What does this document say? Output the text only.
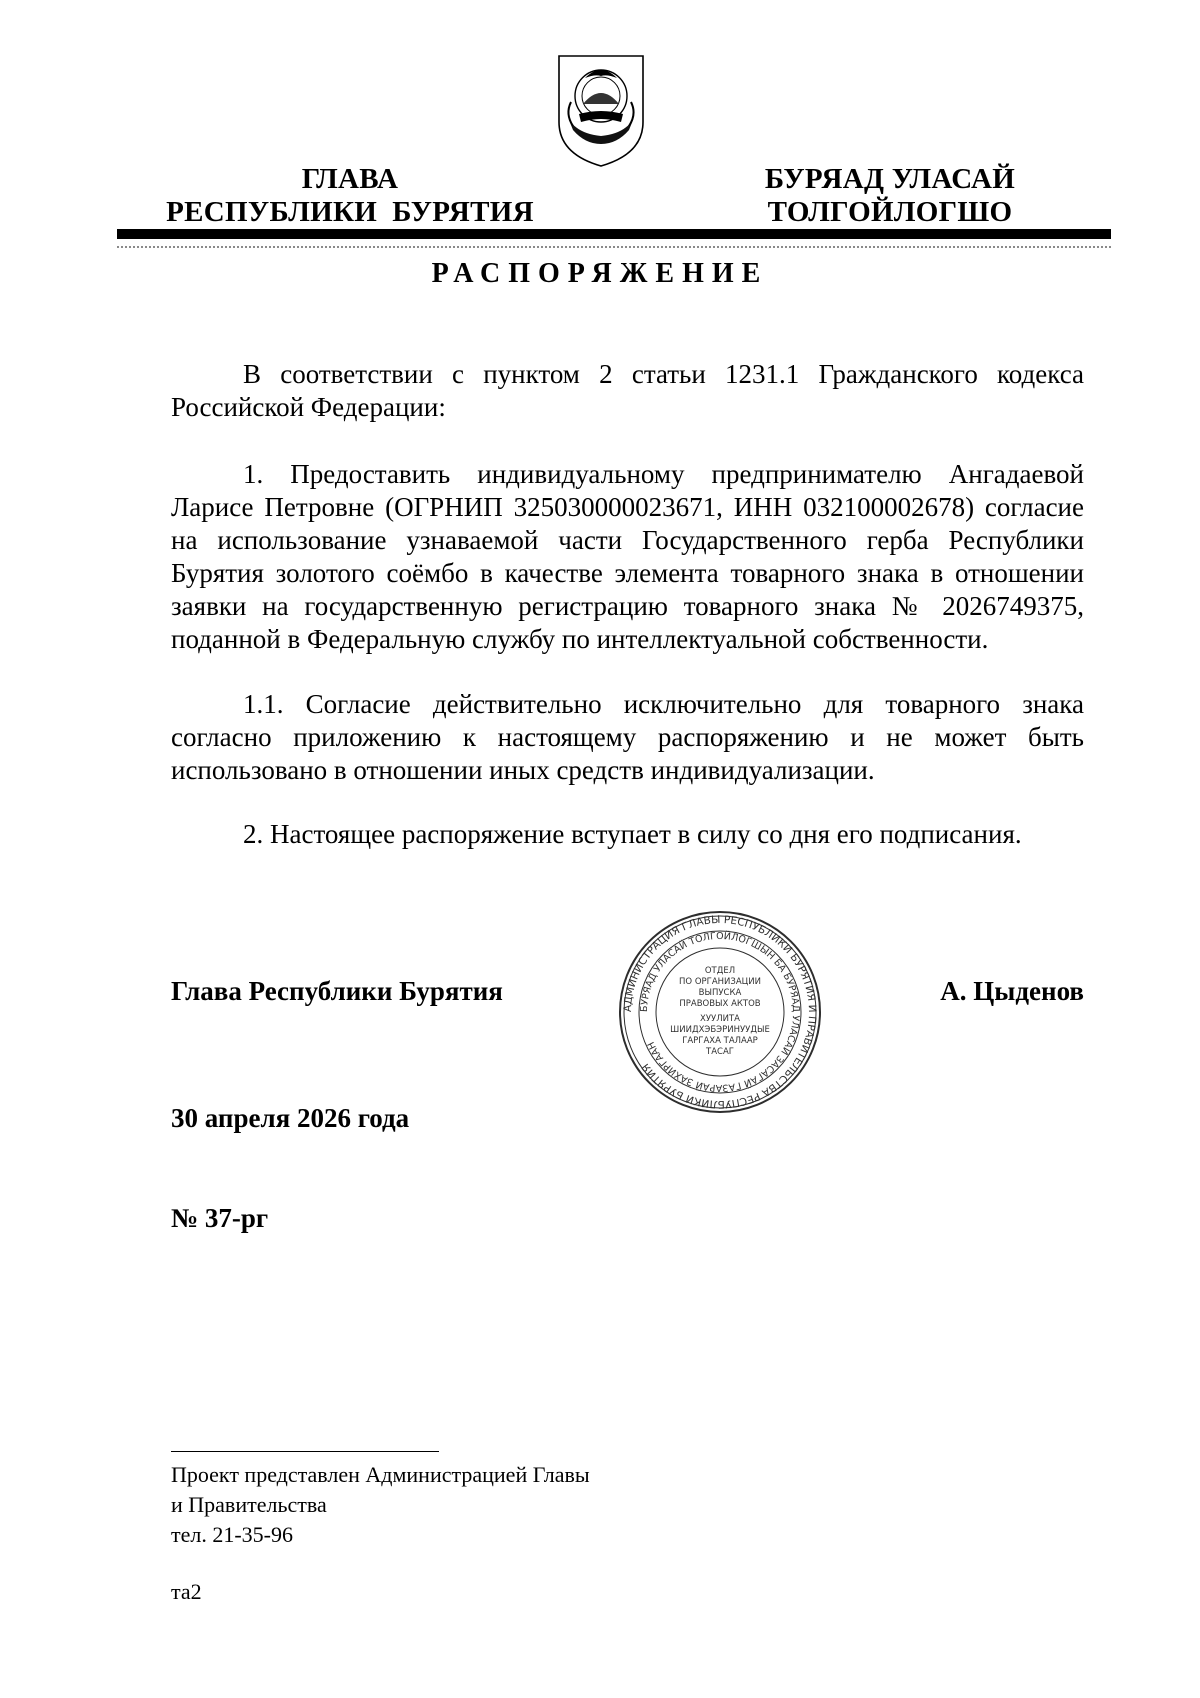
ГЛАВА
РЕСПУБЛИКИ  БУРЯТИЯ
БУРЯАД УЛАСАЙ
ТОЛГОЙЛОГШО
РАСПОРЯЖЕНИЕ
В соответствии с пунктом 2 статьи 1231.1 Гражданского кодекса Российской Федерации:
1. Предоставить индивидуальному предпринимателю Ангадаевой Ларисе Петровне (ОГРНИП 325030000023671, ИНН 032100002678) согласие на использование узнаваемой части Государственного герба Республики Бурятия золотого соёмбо в качестве элемента товарного знака в отношении заявки на государственную регистрацию товарного знака № 2026749375, поданной в Федеральную службу по интеллектуальной собственности.
1.1. Согласие действительно исключительно для товарного знака согласно приложению к настоящему распоряжению и не может быть использовано в отношении иных средств индивидуализации.
2. Настоящее распоряжение вступает в силу со дня его подписания.
Глава Республики Бурятия	А. Цыденов
АДМИНИСТРАЦИЯ ГЛАВЫ РЕСПУБЛИКИ БУРЯТИЯ И ПРАВИТЕЛЬСТВА РЕСПУБЛИКИ БУРЯТИЯ
БУРЯАД УЛАСАЙ ТОЛГОЙЛОГШЫН БА БУРЯАД УЛАСАЙ ЗАСАГАЙ ГАЗАРАЙ ЗАХИРГААН
ОТДЕЛ
ПО ОРГАНИЗАЦИИ
ВЫПУСКА
ПРАВОВЫХ АКТОВ
ХУУЛИТА
ШИИДХЭБЭРИНУУДЫЕ
ГАРГАХА ТАЛААР
ТАСАГ
30 апреля 2026 года
№ 37-рг
Проект представлен Администрацией Главы
и Правительства
тел. 21-35-96
та2
